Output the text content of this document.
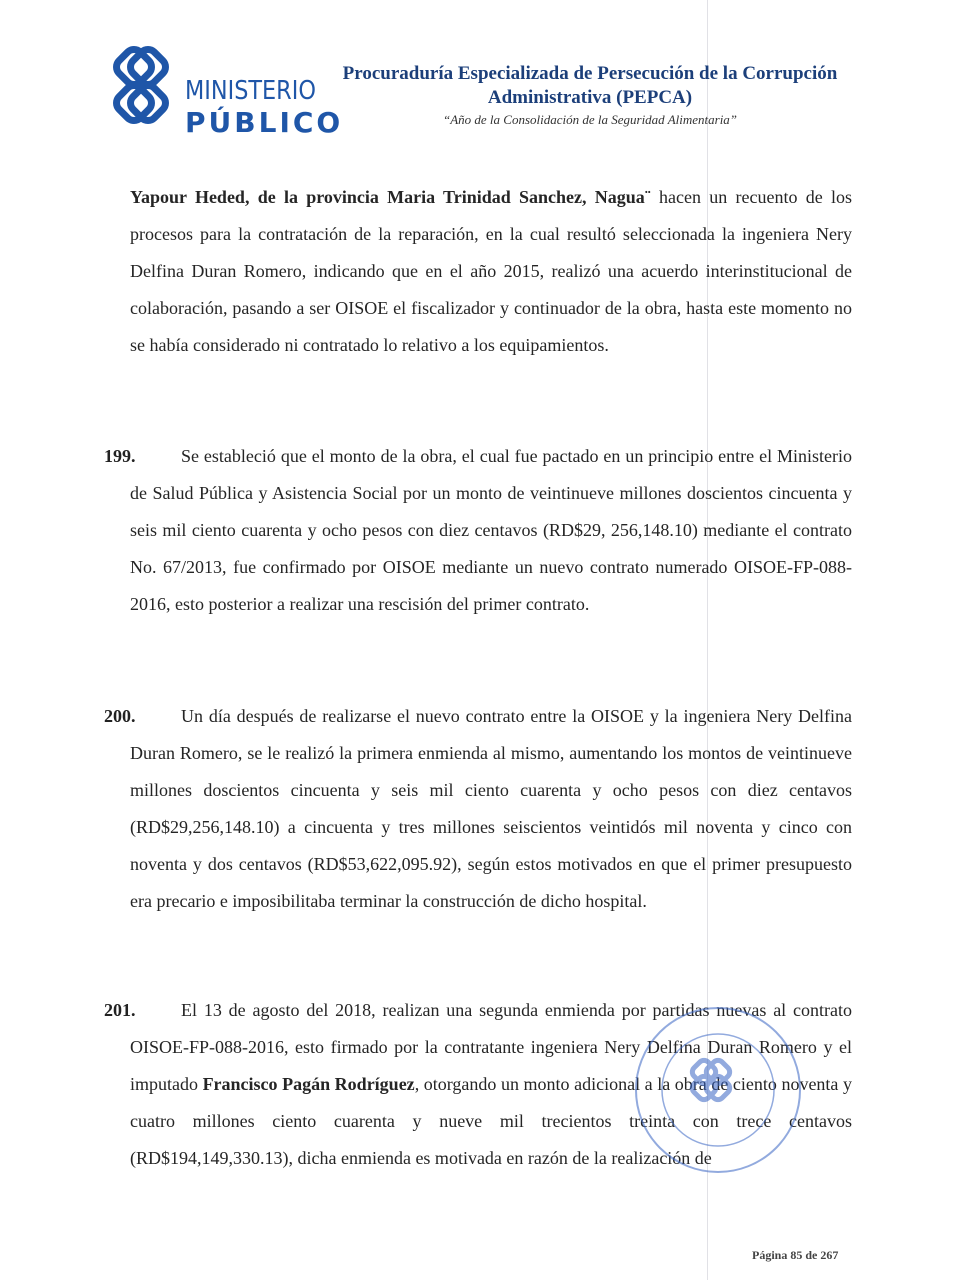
MINISTERIO
PÚBLICO
Procuraduría Especializada de Persecución de la Corrupción
Administrativa (PEPCA)
“Año de la Consolidación de la Seguridad Alimentaria”
Yapour Heded, de la provincia Maria Trinidad Sanchez, Nagua¨ hacen un recuento de los procesos para la contratación de la reparación, en la cual resultó seleccionada la ingeniera Nery Delfina Duran Romero, indicando que en el año 2015, realizó una acuerdo interinstitucional de colaboración, pasando a ser OISOE el fiscalizador y continuador de la obra, hasta este momento no se había considerado ni contratado lo relativo a los equipamientos.
199.	Se estableció que el monto de la obra, el cual fue pactado en un principio entre el Ministerio de Salud Pública y Asistencia Social por un monto de veintinueve millones doscientos cincuenta y seis mil ciento cuarenta y ocho pesos con diez centavos (RD$29, 256,148.10) mediante el contrato No. 67/2013, fue confirmado por OISOE mediante un nuevo contrato numerado OISOE-FP-088-2016, esto posterior a realizar una rescisión del primer contrato.
200.	Un día después de realizarse el nuevo contrato entre la OISOE y la ingeniera Nery Delfina Duran Romero, se le realizó la primera enmienda al mismo, aumentando los montos de veintinueve millones doscientos cincuenta y seis mil ciento cuarenta y ocho pesos con diez centavos (RD$29,256,148.10) a cincuenta y tres millones seiscientos veintidós mil noventa y cinco con noventa y dos centavos (RD$53,622,095.92), según estos motivados en que el primer presupuesto era precario e imposibilitaba terminar la construcción de dicho hospital.
201.	El 13 de agosto del 2018, realizan una segunda enmienda por partidas nuevas al contrato OISOE-FP-088-2016, esto firmado por la contratante ingeniera Nery Delfina Duran Romero y el imputado Francisco Pagán Rodríguez, otorgando un monto adicional a la obra de ciento noventa y cuatro millones ciento cuarenta y nueve mil trecientos treinta con trece centavos (RD$194,149,330.13), dicha enmienda es motivada en razón de la realización de
Página 85 de 267
